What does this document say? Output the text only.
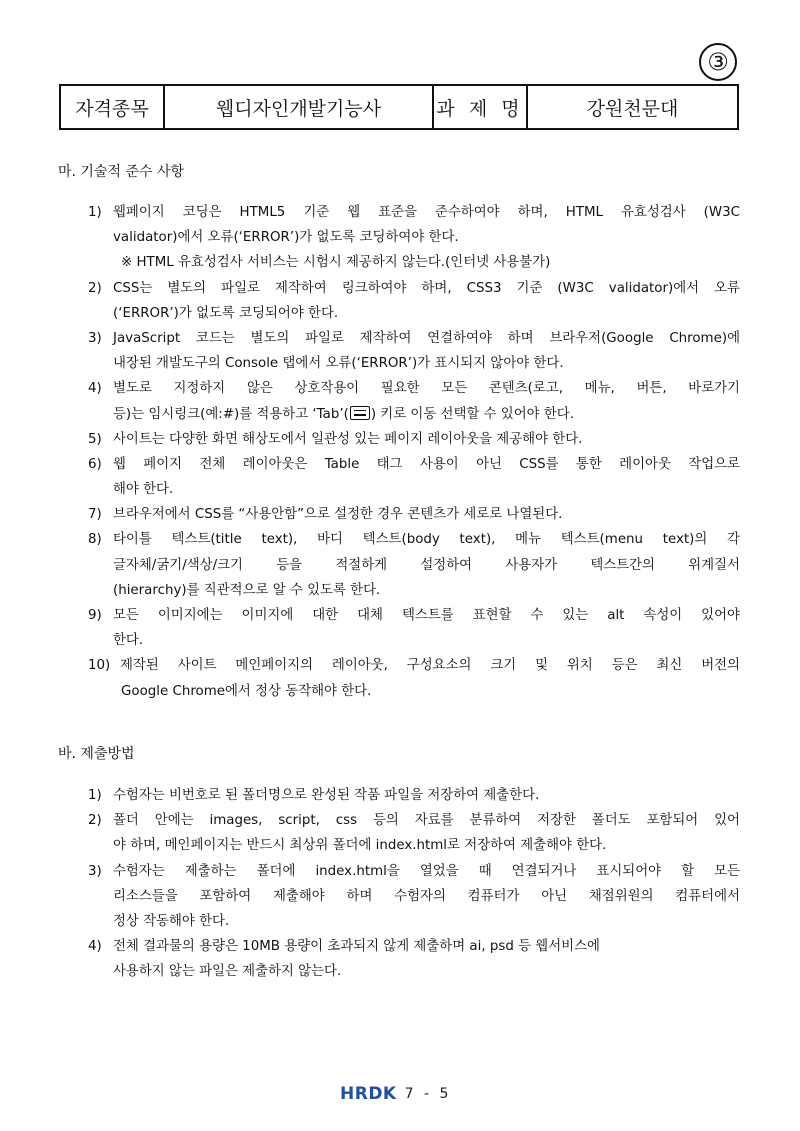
③
자격종목	웹디자인개발기능사	과 제 명	강원천문대
마. 기술적 준수 사항
1) 웹페이지 코딩은 HTML5 기준 웹 표준을 준수하여야 하며, HTML 유효성검사 (W3C
validator)에서 오류(‘ERROR’)가 없도록 코딩하여야 한다.
※ HTML 유효성검사 서비스는 시험시 제공하지 않는다.(인터넷 사용불가)
2) CSS는 별도의 파일로 제작하여 링크하여야 하며, CSS3 기준 (W3C validator)에서 오류
(‘ERROR’)가 없도록 코딩되어야 한다.
3) JavaScript 코드는 별도의 파일로 제작하여 연결하여야 하며 브라우저(Google Chrome)에
내장된 개발도구의 Console 탭에서 오류(‘ERROR’)가 표시되지 않아야 한다.
4) 별도로 지정하지 않은 상호작용이 필요한 모든 콘텐츠(로고, 메뉴, 버튼, 바로가기
등)는 임시링크(예:#)를 적용하고 ‘Tab’( ) 키로 이동 선택할 수 있어야 한다.
5) 사이트는 다양한 화면 해상도에서 일관성 있는 페이지 레이아웃을 제공해야 한다.
6) 웹 페이지 전체 레이아웃은 Table 태그 사용이 아닌 CSS를 통한 레이아웃 작업으로
해야 한다.
7) 브라우저에서 CSS를 “사용안함”으로 설정한 경우 콘텐츠가 세로로 나열된다.
8) 타이틀 텍스트(title text), 바디 텍스트(body text), 메뉴 텍스트(menu text)의 각
글자체/굵기/색상/크기 등을 적절하게 설정하여 사용자가 텍스트간의 위계질서
(hierarchy)를 직관적으로 알 수 있도록 한다.
9) 모든 이미지에는 이미지에 대한 대체 텍스트를 표현할 수 있는 alt 속성이 있어야
한다.
10) 제작된 사이트 메인페이지의 레이아웃, 구성요소의 크기 및 위치 등은 최신 버전의
Google Chrome에서 정상 동작해야 한다.
바. 제출방법
1) 수험자는 비번호로 된 폴더명으로 완성된 작품 파일을 저장하여 제출한다.
2) 폴더 안에는 images, script, css 등의 자료를 분류하여 저장한 폴더도 포함되어 있어
야 하며, 메인페이지는 반드시 최상위 폴더에 index.html로 저장하여 제출해야 한다.
3) 수험자는 제출하는 폴더에 index.html을 열었을 때 연결되거나 표시되어야 할 모든
리소스들을 포함하여 제출해야 하며 수험자의 컴퓨터가 아닌 채점위원의 컴퓨터에서
정상 작동해야 한다.
4) 전체 결과물의 용량은 10MB 용량이 초과되지 않게 제출하며 ai, psd 등 웹서비스에
사용하지 않는 파일은 제출하지 않는다.
HRDK 7 - 5
